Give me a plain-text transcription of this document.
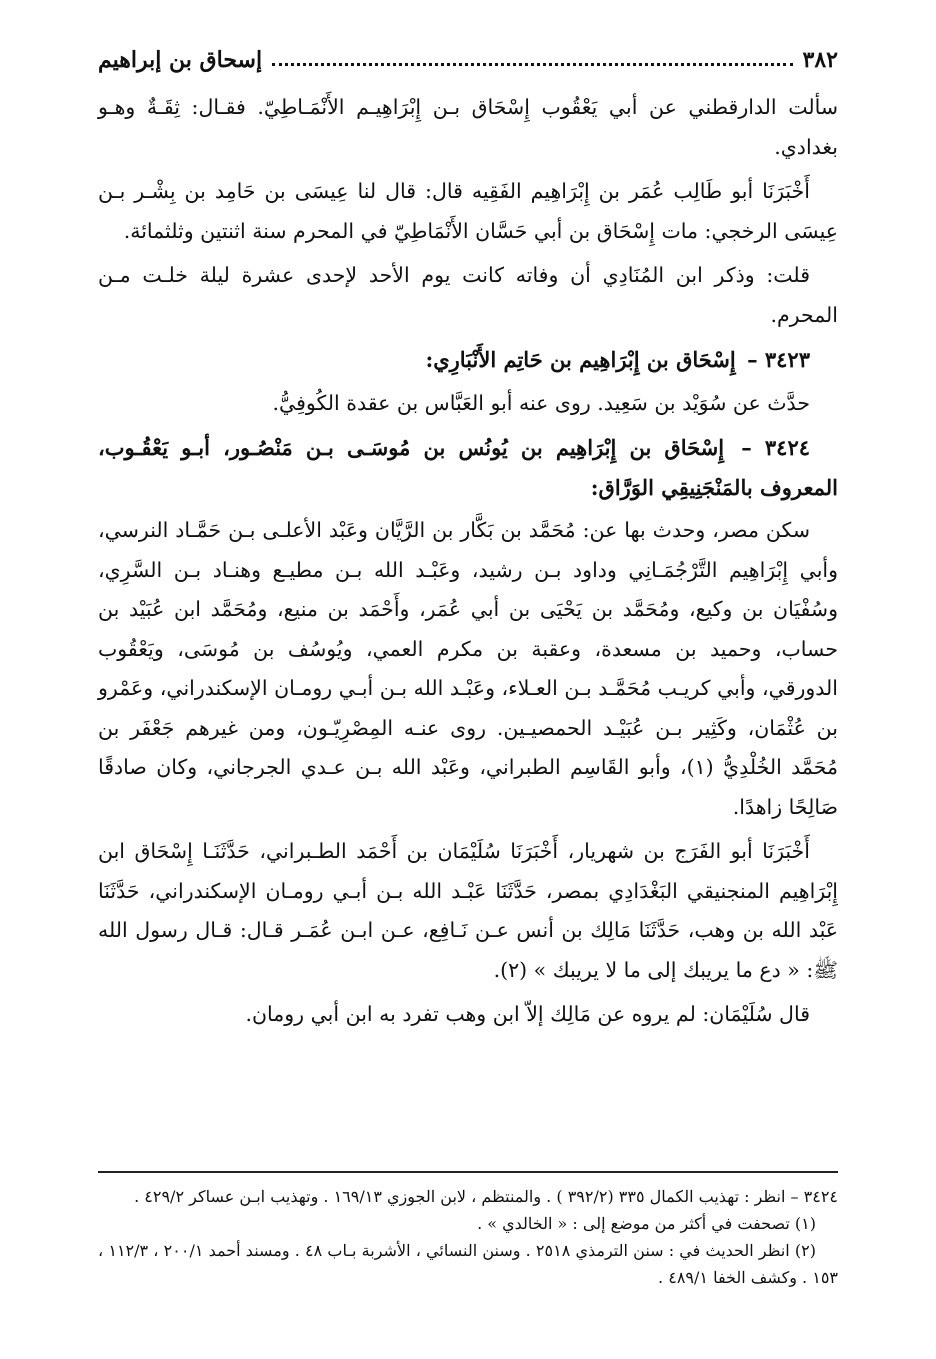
٣٨٢
إسحاق بن إبراهيم

سألت الدارقطني عن أبي يَعْقُوب إِسْحَاق بـن إِبْرَاهِيـم الأَنْمَـاطِيّ. فقـال: ثِقَـةٌ وهـو بغدادي.

أَخْبَرَنَا أبو طَالِب عُمَر بن إِبْرَاهِيم الفَقِيه قال: قال لنا عِيسَى بن حَامِد بن بِشْـر بـن عِيسَى الرخجي: مات إِسْحَاق بن أبي حَسَّان الأَنْمَاطِيّ في المحرم سنة اثنتين وثلثمائة.

قلت: وذكر ابن المُنَادِي أن وفاته كانت يوم الأحد لإحدى عشرة ليلة خلـت مـن المحرم.

٣٤٢٣ – إِسْحَاق بن إِبْرَاهِيم بن حَاتِم الأَنْبَارِي:

حدَّث عن سُوَيْد بن سَعِيد. روى عنه أبو العَبَّاس بن عقدة الكُوفِيُّ.

٣٤٢٤ – إِسْحَاق بن إِبْرَاهِيم بن يُونُس بن مُوسَـى بـن مَنْصُـور، أبـو يَعْقُـوب، المعروف بالمَنْجَنِيقِي الوَرَّاق:

سكن مصر، وحدث بها عن: مُحَمَّد بن بَكَّار بن الرَّيَّان وعَبْد الأعلـى بـن حَمَّـاد النرسي، وأبي إِبْرَاهِيم التَّرْجُمَـانِي وداود بـن رشيد، وعَبْـد الله بـن مطيـع وهنـاد بـن السَّرِي، وسُفْيَان بن وكيع، ومُحَمَّد بن يَحْيَى بن أبي عُمَر، وأَحْمَد بن منيع، ومُحَمَّد ابن عُبَيْد بن حساب، وحميد بن مسعدة، وعقبة بن مكرم العمي، ويُوسُف بن مُوسَى، ويَعْقُوب الدورقي، وأبي كريـب مُحَمَّـد بـن العـلاء، وعَبْـد الله بـن أبـي رومـان الإسكندراني، وعَمْرو بن عُثْمَان، وكَثِير بـن عُبَيْـد الحمصيـين. روى عنـه المِصْرِيّـون، ومن غيرهم جَعْفَر بن مُحَمَّد الخُلْدِيُّ (١)، وأبو القَاسِم الطبراني، وعَبْد الله بـن عـدي الجرجاني، وكان صادقًا صَالِحًا زاهدًا.

أَخْبَرَنَا أبو الفَرَج بن شهريار، أَخْبَرَنَا سُلَيْمَان بن أَحْمَد الطـبراني، حَدَّثَنَـا إِسْحَاق ابن إِبْرَاهِيم المنجنيقي البَغْدَادِي بمصر، حَدَّثَنَا عَبْـد الله بـن أبـي رومـان الإسكندراني، حَدَّثَنَا عَبْد الله بن وهب، حَدَّثَنَا مَالِك بن أنس عـن نَـافِع، عـن ابـن عُمَـر قـال: قـال رسول الله ﷺ: « دع ما يريبك إلى ما لا يريبك » (٢).

قال سُلَيْمَان: لم يروه عن مَالِك إلاّ ابن وهب تفرد به ابن أبي رومان.

٣٤٢٤ – انظر : تهذيب الكمال ٣٣٥ (٣٩٢/٢ ) . والمنتظم ، لابن الجوزي ١٦٩/١٣ . وتهذيب ابـن عساكر ٤٢٩/٢ .

(١) تصحفت في أكثر من موضع إلى : « الخالدي » .

(٢) انظر الحديث في : سنن الترمذي ٢٥١٨ . وسنن النسائي ، الأشربة بـاب ٤٨ . ومسند أحمد ٢٠٠/١ ، ١١٢/٣ ، ١٥٣ . وكشف الخفا ٤٨٩/١ .
